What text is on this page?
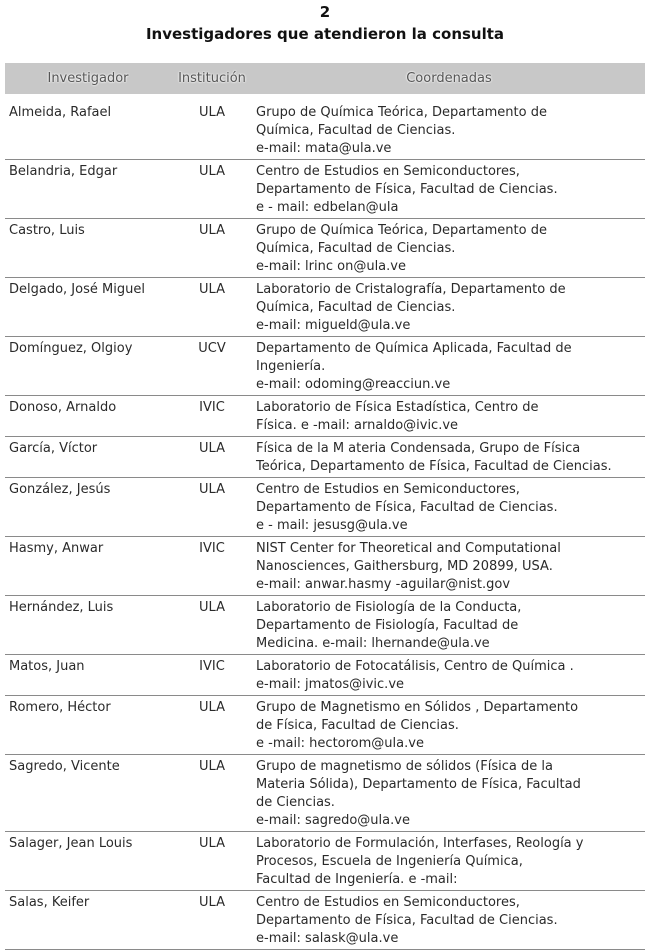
2
Investigadores que atendieron la consulta
Investigador	Institución	Coordenadas
Almeida, Rafael	ULA	Grupo de Química Teórica, Departamento de
Química, Facultad de Ciencias.
e-mail: mata@ula.ve
Belandria, Edgar	ULA	Centro de Estudios en Semiconductores,
Departamento de Física, Facultad de Ciencias.
e - mail: edbelan@ula
Castro, Luis	ULA	Grupo de Química Teórica, Departamento de
Química, Facultad de Ciencias.
e-mail: lrinc on@ula.ve
Delgado, José Miguel	ULA	Laboratorio de Cristalografía, Departamento de
Química, Facultad de Ciencias.
e-mail: migueld@ula.ve
Domínguez, Olgioy	UCV	Departamento de Química Aplicada, Facultad de
Ingeniería.
e-mail: odoming@reacciun.ve
Donoso, Arnaldo	IVIC	Laboratorio de Física Estadística, Centro de
Física. e -mail: arnaldo@ivic.ve
García, Víctor	ULA	Física de la M ateria Condensada, Grupo de Física
Teórica, Departamento de Física, Facultad de Ciencias.
González, Jesús	ULA	Centro de Estudios en Semiconductores,
Departamento de Física, Facultad de Ciencias.
e - mail: jesusg@ula.ve
Hasmy, Anwar	IVIC	NIST Center for Theoretical and Computational
Nanosciences, Gaithersburg, MD 20899, USA.
e-mail: anwar.hasmy -aguilar@nist.gov
Hernández, Luis	ULA	Laboratorio de Fisiología de la Conducta,
Departamento de Fisiología, Facultad de
Medicina. e-mail: lhernande@ula.ve
Matos, Juan	IVIC	Laboratorio de Fotocatálisis, Centro de Química .
e-mail: jmatos@ivic.ve
Romero, Héctor	ULA	Grupo de Magnetismo en Sólidos , Departamento
de Física, Facultad de Ciencias.
e -mail: hectorom@ula.ve
Sagredo, Vicente	ULA	Grupo de magnetismo de sólidos (Física de la
Materia Sólida), Departamento de Física, Facultad
de Ciencias.
e-mail: sagredo@ula.ve
Salager, Jean Louis	ULA	Laboratorio de Formulación, Interfases, Reología y
Procesos, Escuela de Ingeniería Química,
Facultad de Ingeniería. e -mail:
Salas, Keifer	ULA	Centro de Estudios en Semiconductores,
Departamento de Física, Facultad de Ciencias.
e-mail: salask@ula.ve
